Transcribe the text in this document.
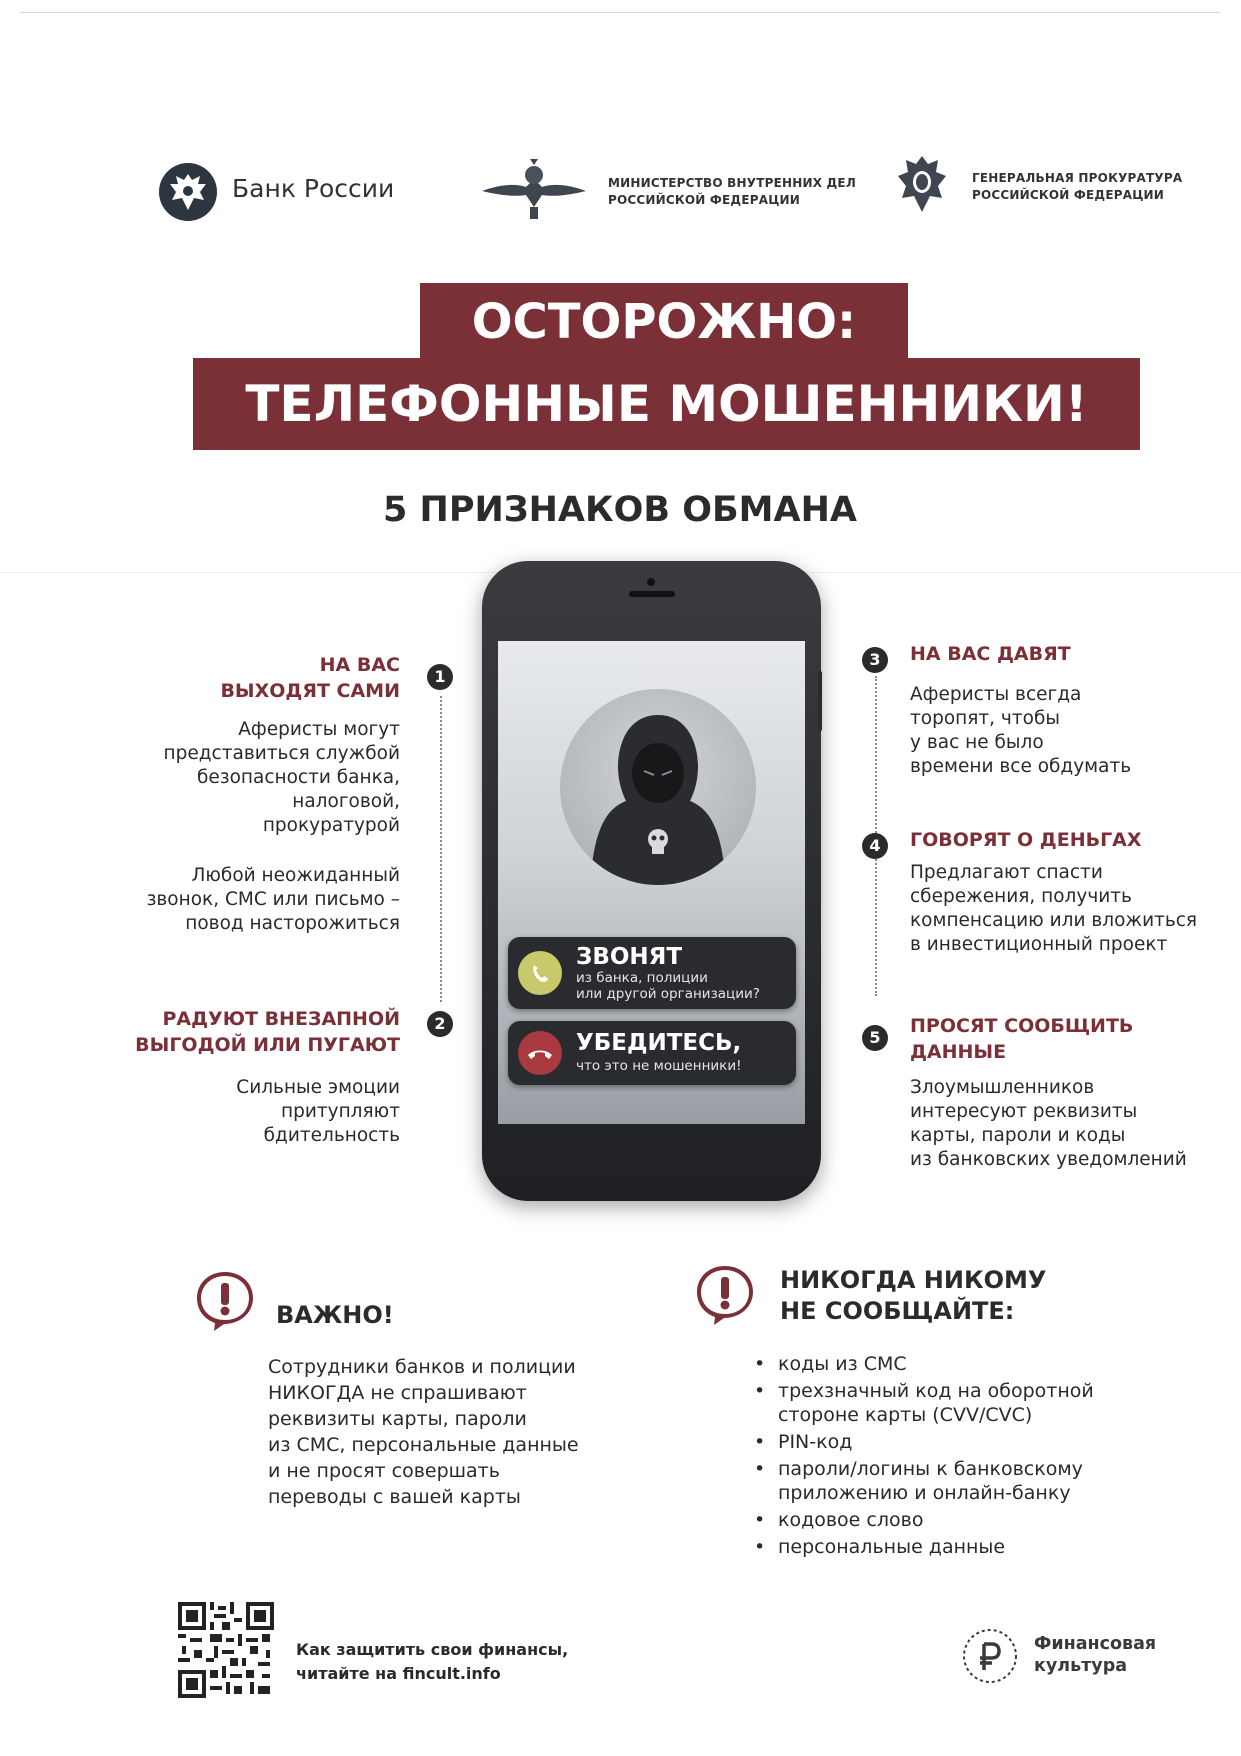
Банк России	МИНИСТЕРСТВО ВНУТРЕННИХ ДЕЛ
РОССИЙСКОЙ ФЕДЕРАЦИИ
ГЕНЕРАЛЬНАЯ ПРОКУРАТУРА
РОССИЙСКОЙ ФЕДЕРАЦИИ
ОСТОРОЖНО:
ТЕЛЕФОННЫЕ МОШЕННИКИ!
5 ПРИЗНАКОВ ОБМАНА
ЗВОНЯТ
из банка, полиции
или другой организации?
УБЕДИТЕСЬ,
что это не мошенники!
1
НА ВАС
ВЫХОДЯТ САМИ
Аферисты могут
представиться службой
безопасности банка,
налоговой,
прокуратурой
Любой неожиданный
звонок, СМС или письмо –
повод насторожиться
2
РАДУЮТ ВНЕЗАПНОЙ
ВЫГОДОЙ ИЛИ ПУГАЮТ
Сильные эмоции
притупляют
бдительность
3	НА ВАС ДАВЯТ
Аферисты всегда
торопят, чтобы
у вас не было
времени все обдумать
4	ГОВОРЯТ О ДЕНЬГАХ
Предлагают спасти
сбережения, получить
компенсацию или вложиться
в инвестиционный проект
5
ПРОСЯТ СООБЩИТЬ
ДАННЫЕ
Злоумышленников
интересуют реквизиты
карты, пароли и коды
из банковских уведомлений
ВАЖНО!
Сотрудники банков и полиции
НИКОГДА не спрашивают
реквизиты карты, пароли
из СМС, персональные данные
и не просят совершать
переводы с вашей карты
НИКОГДА НИКОМУ
НЕ СООБЩАЙТЕ:
• коды из СМС
• трехзначный код на оборотной стороне карты (CVV/CVC)
• PIN-код
• пароли/логины к банковскому приложению и онлайн-банку
• кодовое слово
• персональные данные
Как защитить свои финансы,
читайте на fincult.info
Финансовая
культура
